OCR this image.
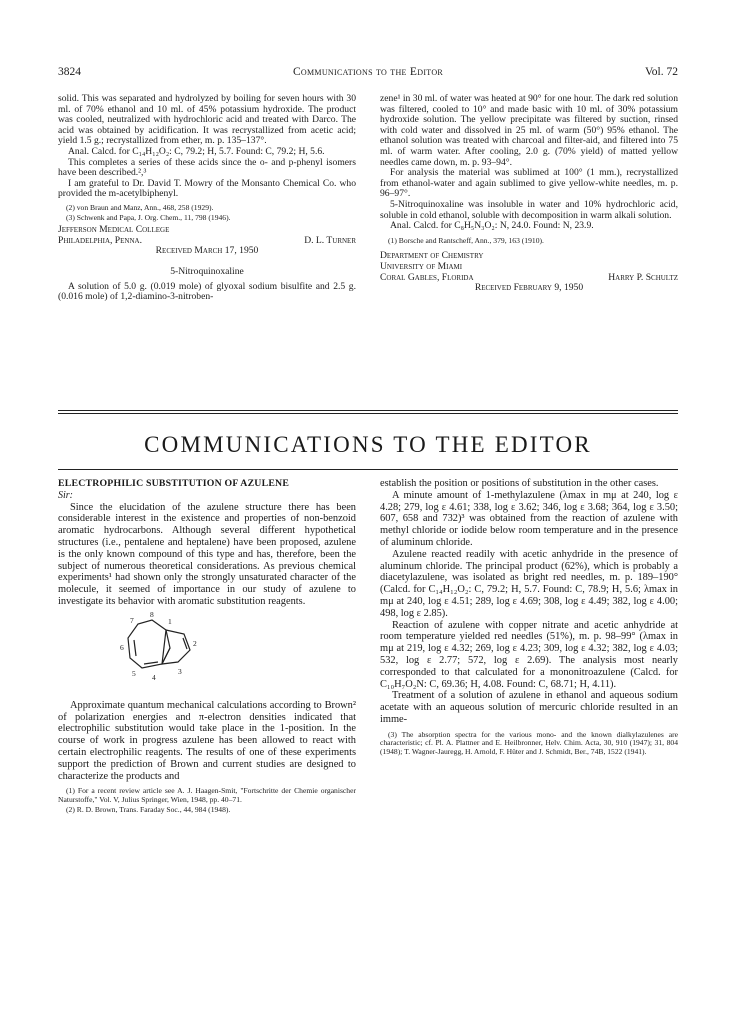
3824	Communications to the Editor	Vol. 72

solid. This was separated and hydrolyzed by boiling for seven hours with 30 ml. of 70% ethanol and 10 ml. of 45% potassium hydroxide. The product was cooled, neutralized with hydrochloric acid and treated with Darco. The acid was obtained by acidification. It was recrystallized from acetic acid; yield 1.5 g.; recrystallized from ether, m. p. 135–137°.

Anal. Calcd. for C₁₄H₁₂O₂: C, 79.2; H, 5.7. Found: C, 79.2; H, 5.6.

This completes a series of these acids since the o- and p-phenyl isomers have been described.²,³

I am grateful to Dr. David T. Mowry of the Monsanto Chemical Co. who provided the m-acetylbiphenyl.

(2) von Braun and Manz, Ann., 468, 258 (1929).

(3) Schwenk and Papa, J. Org. Chem., 11, 798 (1946).

Jefferson Medical College
Philadelphia, Penna.	D. L. Turner
Received March 17, 1950
5-Nitroquinoxaline

A solution of 5.0 g. (0.019 mole) of glyoxal sodium bisulfite and 2.5 g. (0.016 mole) of 1,2-diamino-3-nitroben-

zene¹ in 30 ml. of water was heated at 90° for one hour. The dark red solution was filtered, cooled to 10° and made basic with 10 ml. of 30% potassium hydroxide solution. The yellow precipitate was filtered by suction, rinsed with cold water and dissolved in 25 ml. of warm (50°) 95% ethanol. The ethanol solution was treated with charcoal and filter-aid, and filtered into 75 ml. of warm water. After cooling, 2.0 g. (70% yield) of matted yellow needles came down, m. p. 93–94°.

For analysis the material was sublimed at 100° (1 mm.), recrystallized from ethanol-water and again sublimed to give yellow-white needles, m. p. 96–97°.

5-Nitroquinoxaline was insoluble in water and 10% hydrochloric acid, soluble in cold ethanol, soluble with decomposition in warm alkali solution.

Anal. Calcd. for C₈H₅N₃O₂: N, 24.0. Found: N, 23.9.

(1) Borsche and Rantscheff, Ann., 379, 163 (1910).

Department of Chemistry
University of Miami
Coral Gables, Florida	Harry P. Schultz
Received February 9, 1950
COMMUNICATIONS TO THE EDITOR
ELECTROPHILIC SUBSTITUTION OF AZULENE
Sir:

Since the elucidation of the azulene structure there has been considerable interest in the existence and properties of non-benzoid aromatic hydrocarbons. Although several different hypothetical structures (i.e., pentalene and heptalene) have been proposed, azulene is the only known compound of this type and has, therefore, been the subject of numerous theoretical considerations. As previous chemical experiments¹ had shown only the strongly unsaturated character of the molecule, it seemed of importance in our study of azulene to investigate its behavior with aromatic substitution reagents.

8
1
7
2
6
5 4
3

Approximate quantum mechanical calculations according to Brown² of polarization energies and π-electron densities indicated that electrophilic substitution would take place in the 1-position. In the course of work in progress azulene has been allowed to react with certain electrophilic reagents. The results of one of these experiments support the prediction of Brown and current studies are designed to characterize the products and

(1) For a recent review article see A. J. Haagen-Smit, "Fortschritte der Chemie organischer Naturstoffe," Vol. V, Julius Springer, Wien, 1948, pp. 40–71.

(2) R. D. Brown, Trans. Faraday Soc., 44, 984 (1948).

establish the position or positions of substitution in the other cases.

A minute amount of 1-methylazulene (λmax in mμ at 240, log ε 4.28; 279, log ε 4.61; 338, log ε 3.62; 346, log ε 3.68; 364, log ε 3.50; 607, 658 and 732)³ was obtained from the reaction of azulene with methyl chloride or iodide below room temperature and in the presence of aluminum chloride.

Azulene reacted readily with acetic anhydride in the presence of aluminum chloride. The principal product (62%), which is probably a diacetylazulene, was isolated as bright red needles, m. p. 189–190° (Calcd. for C₁₄H₁₂O₂: C, 79.2; H, 5.7. Found: C, 78.9; H, 5.6; λmax in mμ at 240, log ε 4.51; 289, log ε 4.69; 308, log ε 4.49; 382, log ε 4.00; 498, log ε 2.85).

Reaction of azulene with copper nitrate and acetic anhydride at room temperature yielded red needles (51%), m. p. 98–99° (λmax in mμ at 219, log ε 4.32; 269, log ε 4.23; 309, log ε 4.32; 382, log ε 4.03; 532, log ε 2.77; 572, log ε 2.69). The analysis most nearly corresponded to that calculated for a mononitroazulene (Calcd. for C₁₀H₇O₂N: C, 69.36; H, 4.08. Found: C, 68.71; H, 4.11).

Treatment of a solution of azulene in ethanol and aqueous sodium acetate with an aqueous solution of mercuric chloride resulted in an imme-

(3) The absorption spectra for the various mono- and the known dialkylazulenes are characteristic; cf. Pl. A. Plattner and E. Heilbronner, Helv. Chim. Acta, 30, 910 (1947); 31, 804 (1948); T. Wagner-Jauregg, H. Arnold, F. Hüter and J. Schmidt, Ber., 74B, 1522 (1941).
